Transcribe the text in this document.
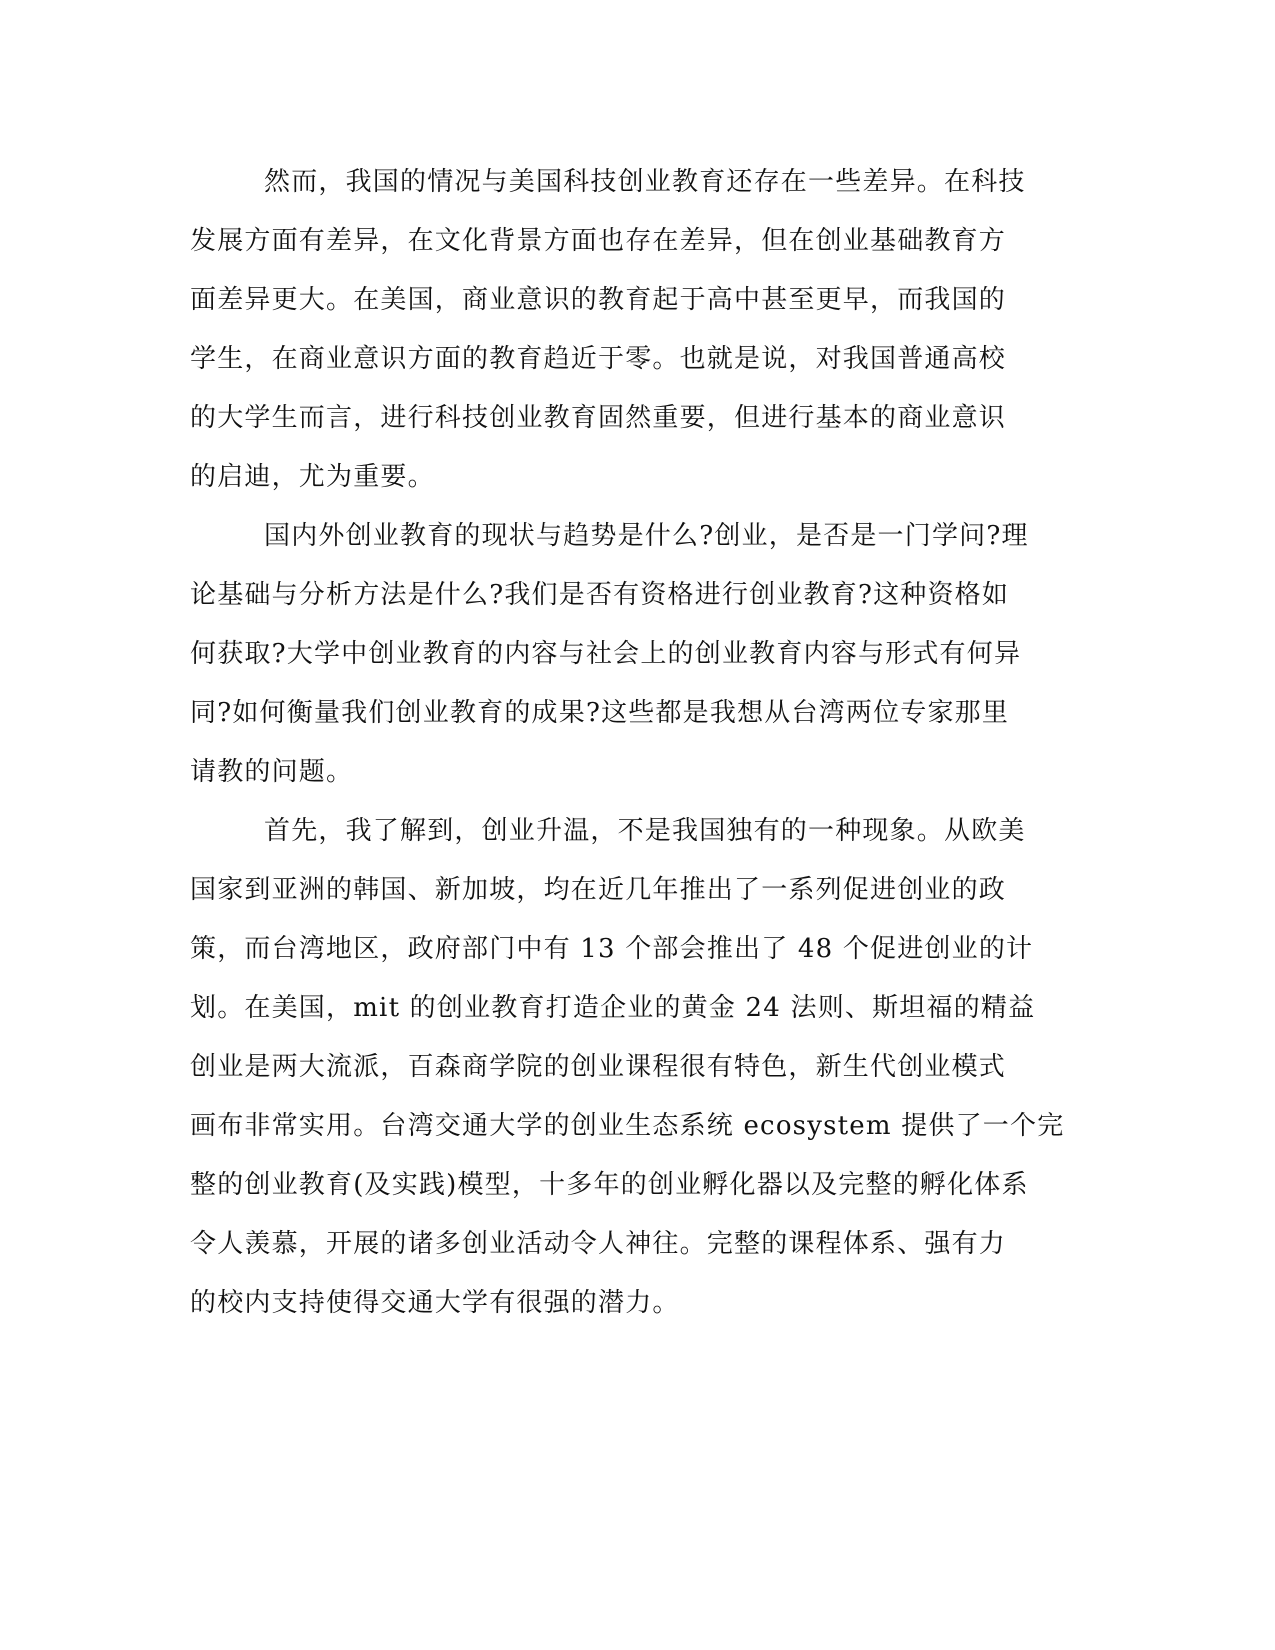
然而，我国的情况与美国科技创业教育还存在一些差异。在科技

发展方面有差异，在文化背景方面也存在差异，但在创业基础教育方

面差异更大。在美国，商业意识的教育起于高中甚至更早，而我国的

学生，在商业意识方面的教育趋近于零。也就是说，对我国普通高校

的大学生而言，进行科技创业教育固然重要，但进行基本的商业意识

的启迪，尤为重要。

国内外创业教育的现状与趋势是什么?创业，是否是一门学问?理

论基础与分析方法是什么?我们是否有资格进行创业教育?这种资格如

何获取?大学中创业教育的内容与社会上的创业教育内容与形式有何异

同?如何衡量我们创业教育的成果?这些都是我想从台湾两位专家那里

请教的问题。

首先，我了解到，创业升温，不是我国独有的一种现象。从欧美

国家到亚洲的韩国、新加坡，均在近几年推出了一系列促进创业的政

策，而台湾地区，政府部门中有 13 个部会推出了 48 个促进创业的计

划。在美国，mit 的创业教育打造企业的黄金 24 法则、斯坦福的精益

创业是两大流派，百森商学院的创业课程很有特色，新生代创业模式

画布非常实用。台湾交通大学的创业生态系统 ecosystem 提供了一个完

整的创业教育(及实践)模型，十多年的创业孵化器以及完整的孵化体系

令人羡慕，开展的诸多创业活动令人神往。完整的课程体系、强有力

的校内支持使得交通大学有很强的潜力。
